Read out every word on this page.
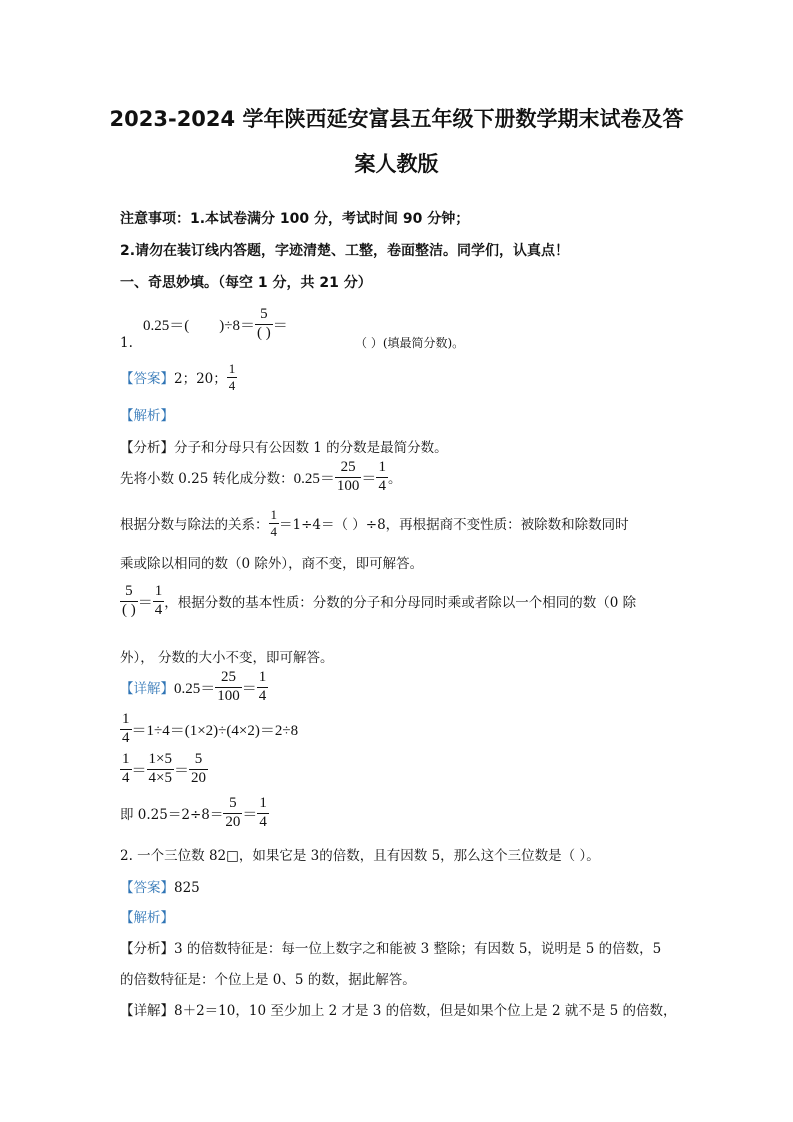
2023-2024 学年陕西延安富县五年级下册数学期末试卷及答
案人教版
注意事项：1.本试卷满分 100 分，考试时间 90 分钟；
2.请勿在装订线内答题，字迹清楚、工整，卷面整洁。同学们，认真点！
一、奇思妙填。（每空 1 分，共 21 分）
0.25＝( )$\div 8= \frac{5}{( )}$ ＝
1.	（ ）(填最简分数)。
【答案】 2；20； $\frac{1}{4}$
【解析】
【分析】分子和分母只有公因数 1 的分数是最简分数。
先将小数 0.25 转化成分数： $0.25= \frac{25}{100} = \frac{1}{4}$ 。
根据分数与除法的关系： $\frac{1}{4} =1\div 4=$（ ）÷8，再根据商不变性质：被除数和除数同时
乘或除以相同的数（0 除外），商不变，即可解答。
$\frac{5}{( )} = \frac{1}{4}$ ，根据分数的基本性质：分数的分子和分母同时乘或者除以一个相同的数（0 除
外）， 分数的大小不变，即可解答。
【详解】 $0.25= \frac{25}{100} = \frac{1}{4}$
$\frac{1}{4} =1\div 4=(1\times 2)\div(4\times 2)=2\div 8$
$\frac{1}{4} = \frac{1\times 5}{4\times 5} = \frac{5}{20}$
即 $0.25=2\div 8= \frac{5}{20} = \frac{1}{4}$
2. 一个三位数 82□，如果它是 3的倍数，且有因数 5，那么这个三位数是（ ）。
【答案】825
【解析】
【分析】3 的倍数特征是：每一位上数字之和能被 3 整除；有因数 5，说明是 5 的倍数，5
的倍数特征是：个位上是 0、5 的数，据此解答。
【详解】8＋2＝10，10 至少加上 2 才是 3 的倍数，但是如果个位上是 2 就不是 5 的倍数，
